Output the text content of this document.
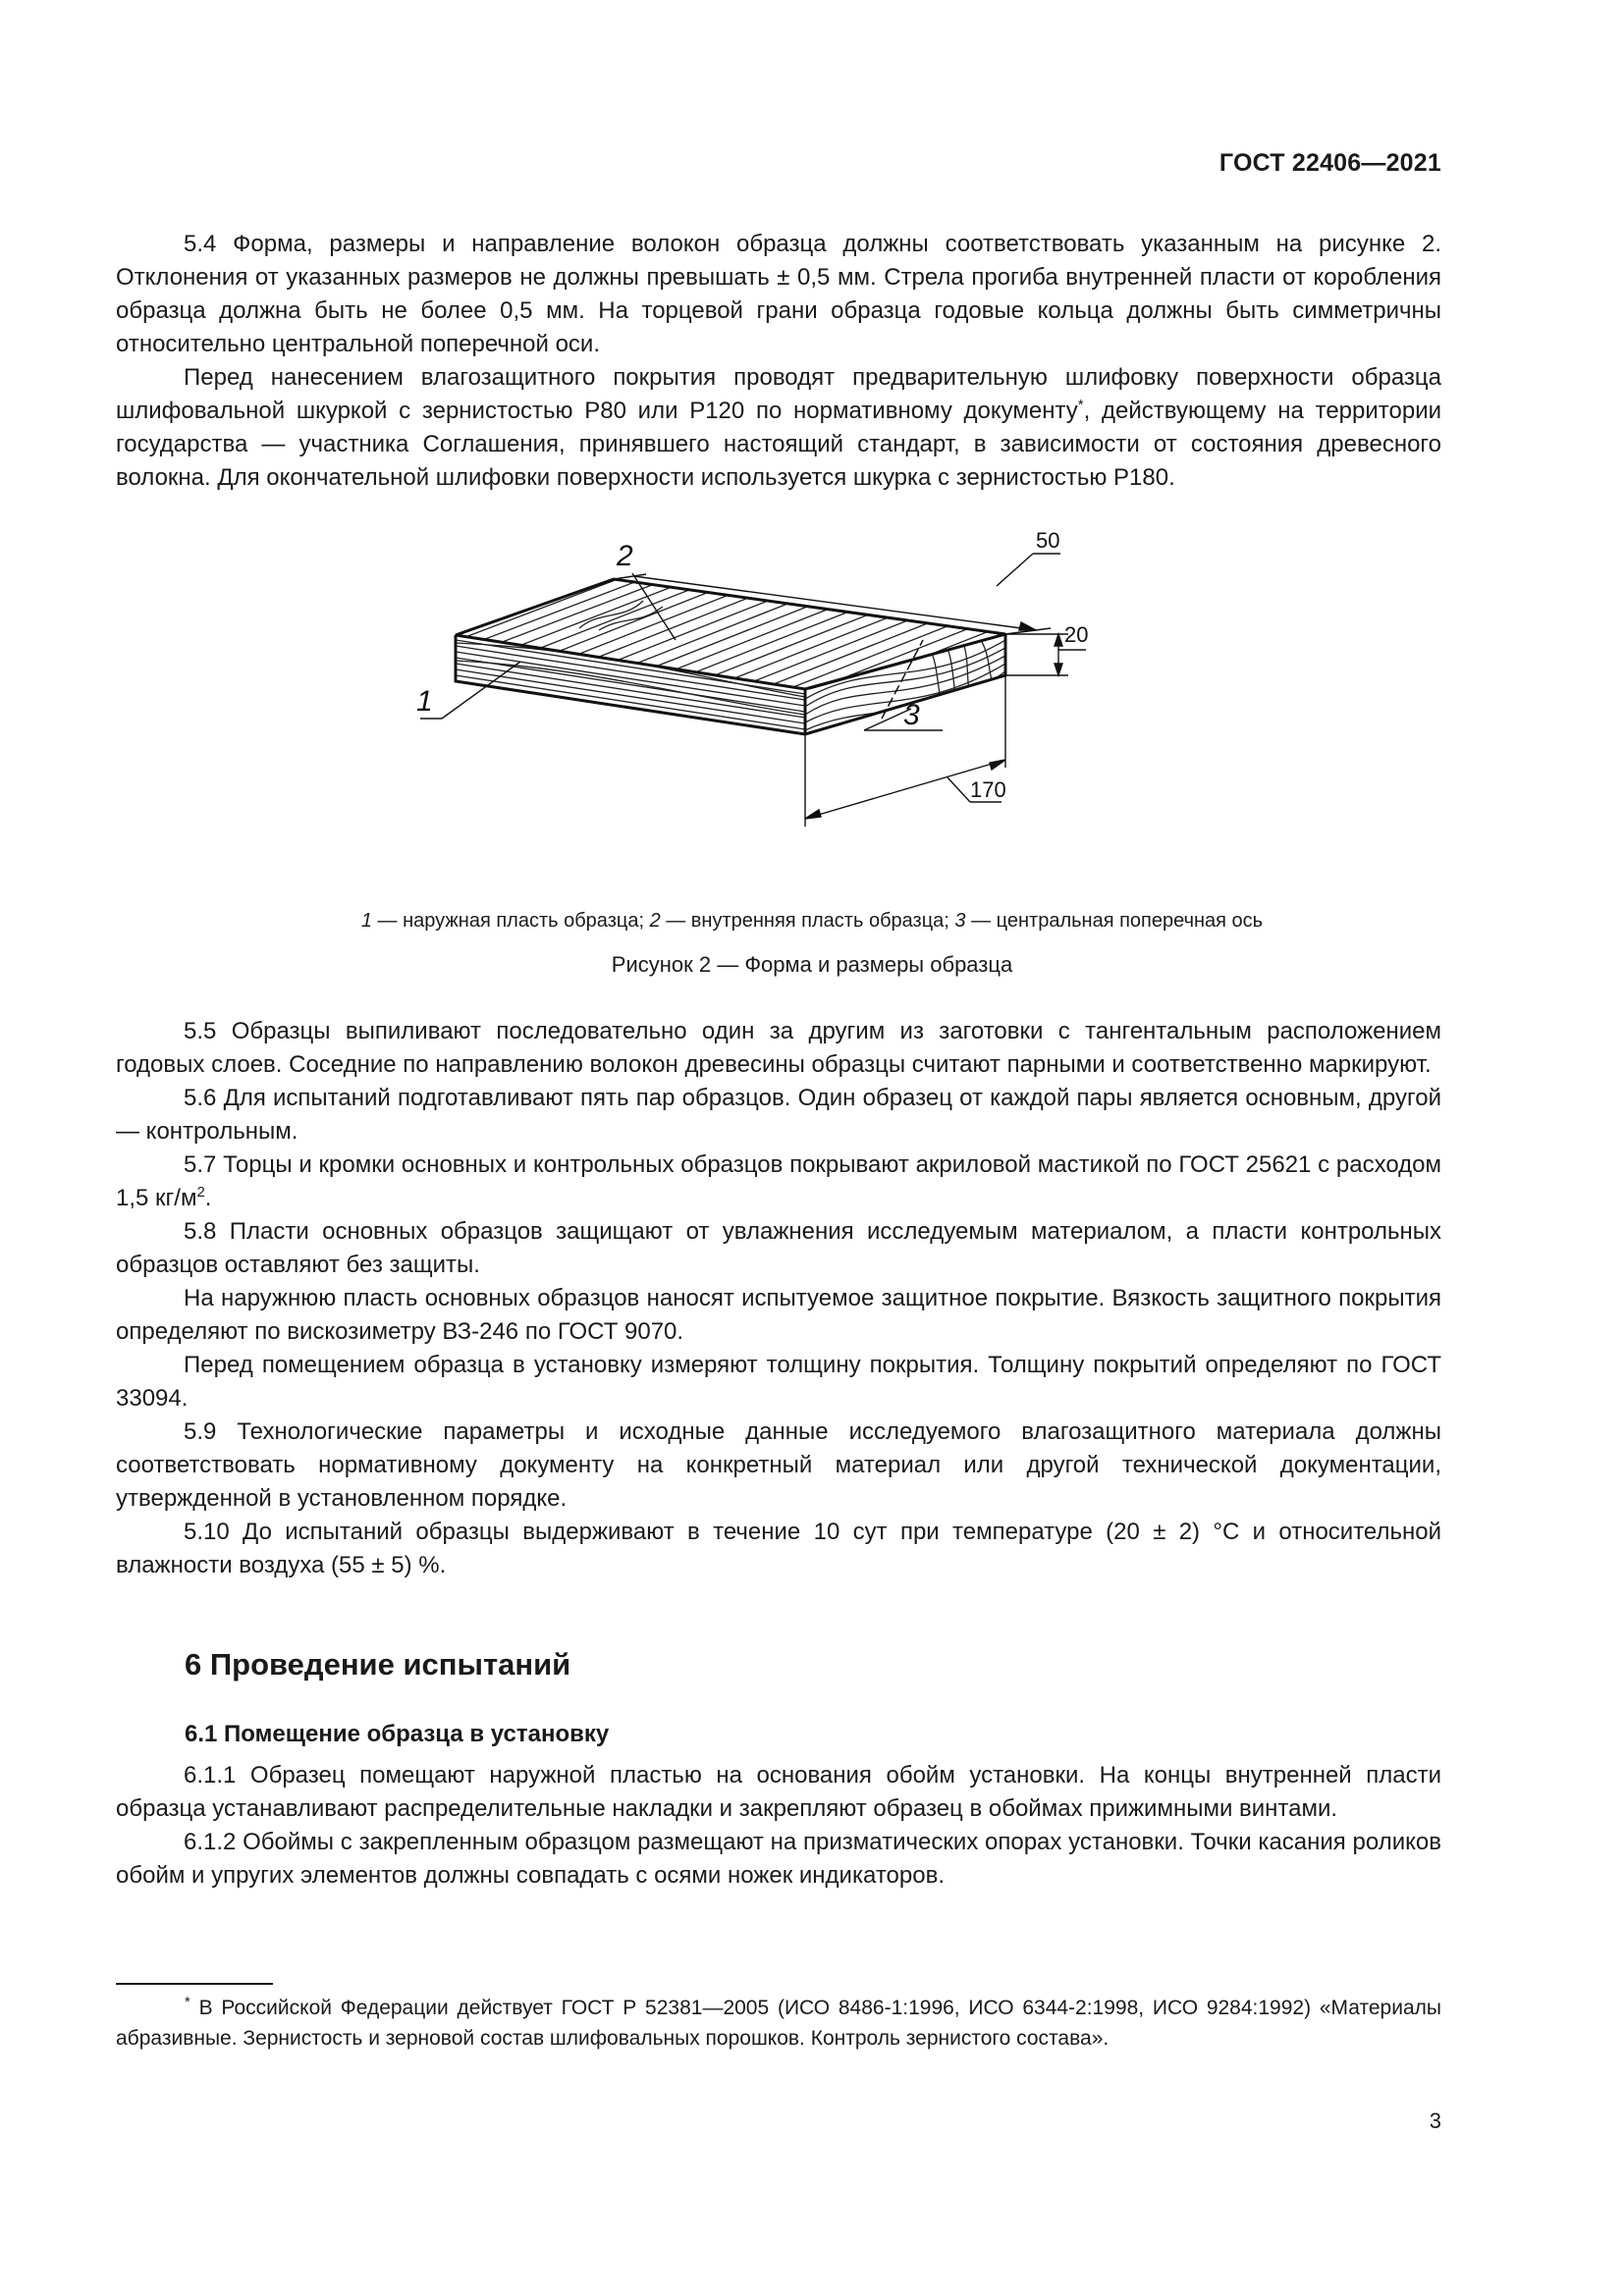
ГОСТ 22406—2021

5.4 Форма, размеры и направление волокон образца должны соответствовать указанным на рисунке 2. Отклонения от указанных размеров не должны превышать ± 0,5 мм. Стрела прогиба внутренней пласти от коробления образца должна быть не более 0,5 мм. На торцевой грани образца годовые кольца должны быть симметричны относительно центральной поперечной оси.

Перед нанесением влагозащитного покрытия проводят предварительную шлифовку поверхности образца шлифовальной шкуркой с зернистостью Р80 или Р120 по нормативному документу*, действующему на территории государства — участника Соглашения, принявшего настоящий стандарт, в зависимости от состояния древесного волокна. Для окончательной шлифовки поверхности используется шкурка с зернистостью Р180.

170
50
20
2
1	3
1 — наружная пласть образца; 2 — внутренняя пласть образца; 3 — центральная поперечная ось
Рисунок 2 — Форма и размеры образца

5.5 Образцы выпиливают последовательно один за другим из заготовки с тангентальным расположением годовых слоев. Соседние по направлению волокон древесины образцы считают парными и соответственно маркируют.

5.6 Для испытаний подготавливают пять пар образцов. Один образец от каждой пары является основным, другой — контрольным.

5.7 Торцы и кромки основных и контрольных образцов покрывают акриловой мастикой по ГОСТ 25621 с расходом 1,5 $кг/м^2$.

5.8 Пласти основных образцов защищают от увлажнения исследуемым материалом, а пласти контрольных образцов оставляют без защиты.

На наружнюю пласть основных образцов наносят испытуемое защитное покрытие. Вязкость защитного покрытия определяют по вискозиметру ВЗ-246 по ГОСТ 9070.

Перед помещением образца в установку измеряют толщину покрытия. Толщину покрытий определяют по ГОСТ 33094.

5.9 Технологические параметры и исходные данные исследуемого влагозащитного материала должны соответствовать нормативному документу на конкретный материал или другой технической документации, утвержденной в установленном порядке.

5.10 До испытаний образцы выдерживают в течение 10 сут при температуре (20 ± 2) °С и относительной влажности воздуха (55 ± 5) %.

6 Проведение испытаний
6.1 Помещение образца в установку

6.1.1 Образец помещают наружной пластью на основания обойм установки. На концы внутренней пласти образца устанавливают распределительные накладки и закрепляют образец в обоймах прижимными винтами.

6.1.2 Обоймы с закрепленным образцом размещают на призматических опорах установки. Точки касания роликов обойм и упругих элементов должны совпадать с осями ножек индикаторов.

* В Российской Федерации действует ГОСТ Р 52381—2005 (ИСО 8486-1:1996, ИСО 6344-2:1998, ИСО 9284:1992) «Материалы абразивные. Зернистость и зерновой состав шлифовальных порошков. Контроль зернистого состава».

3
